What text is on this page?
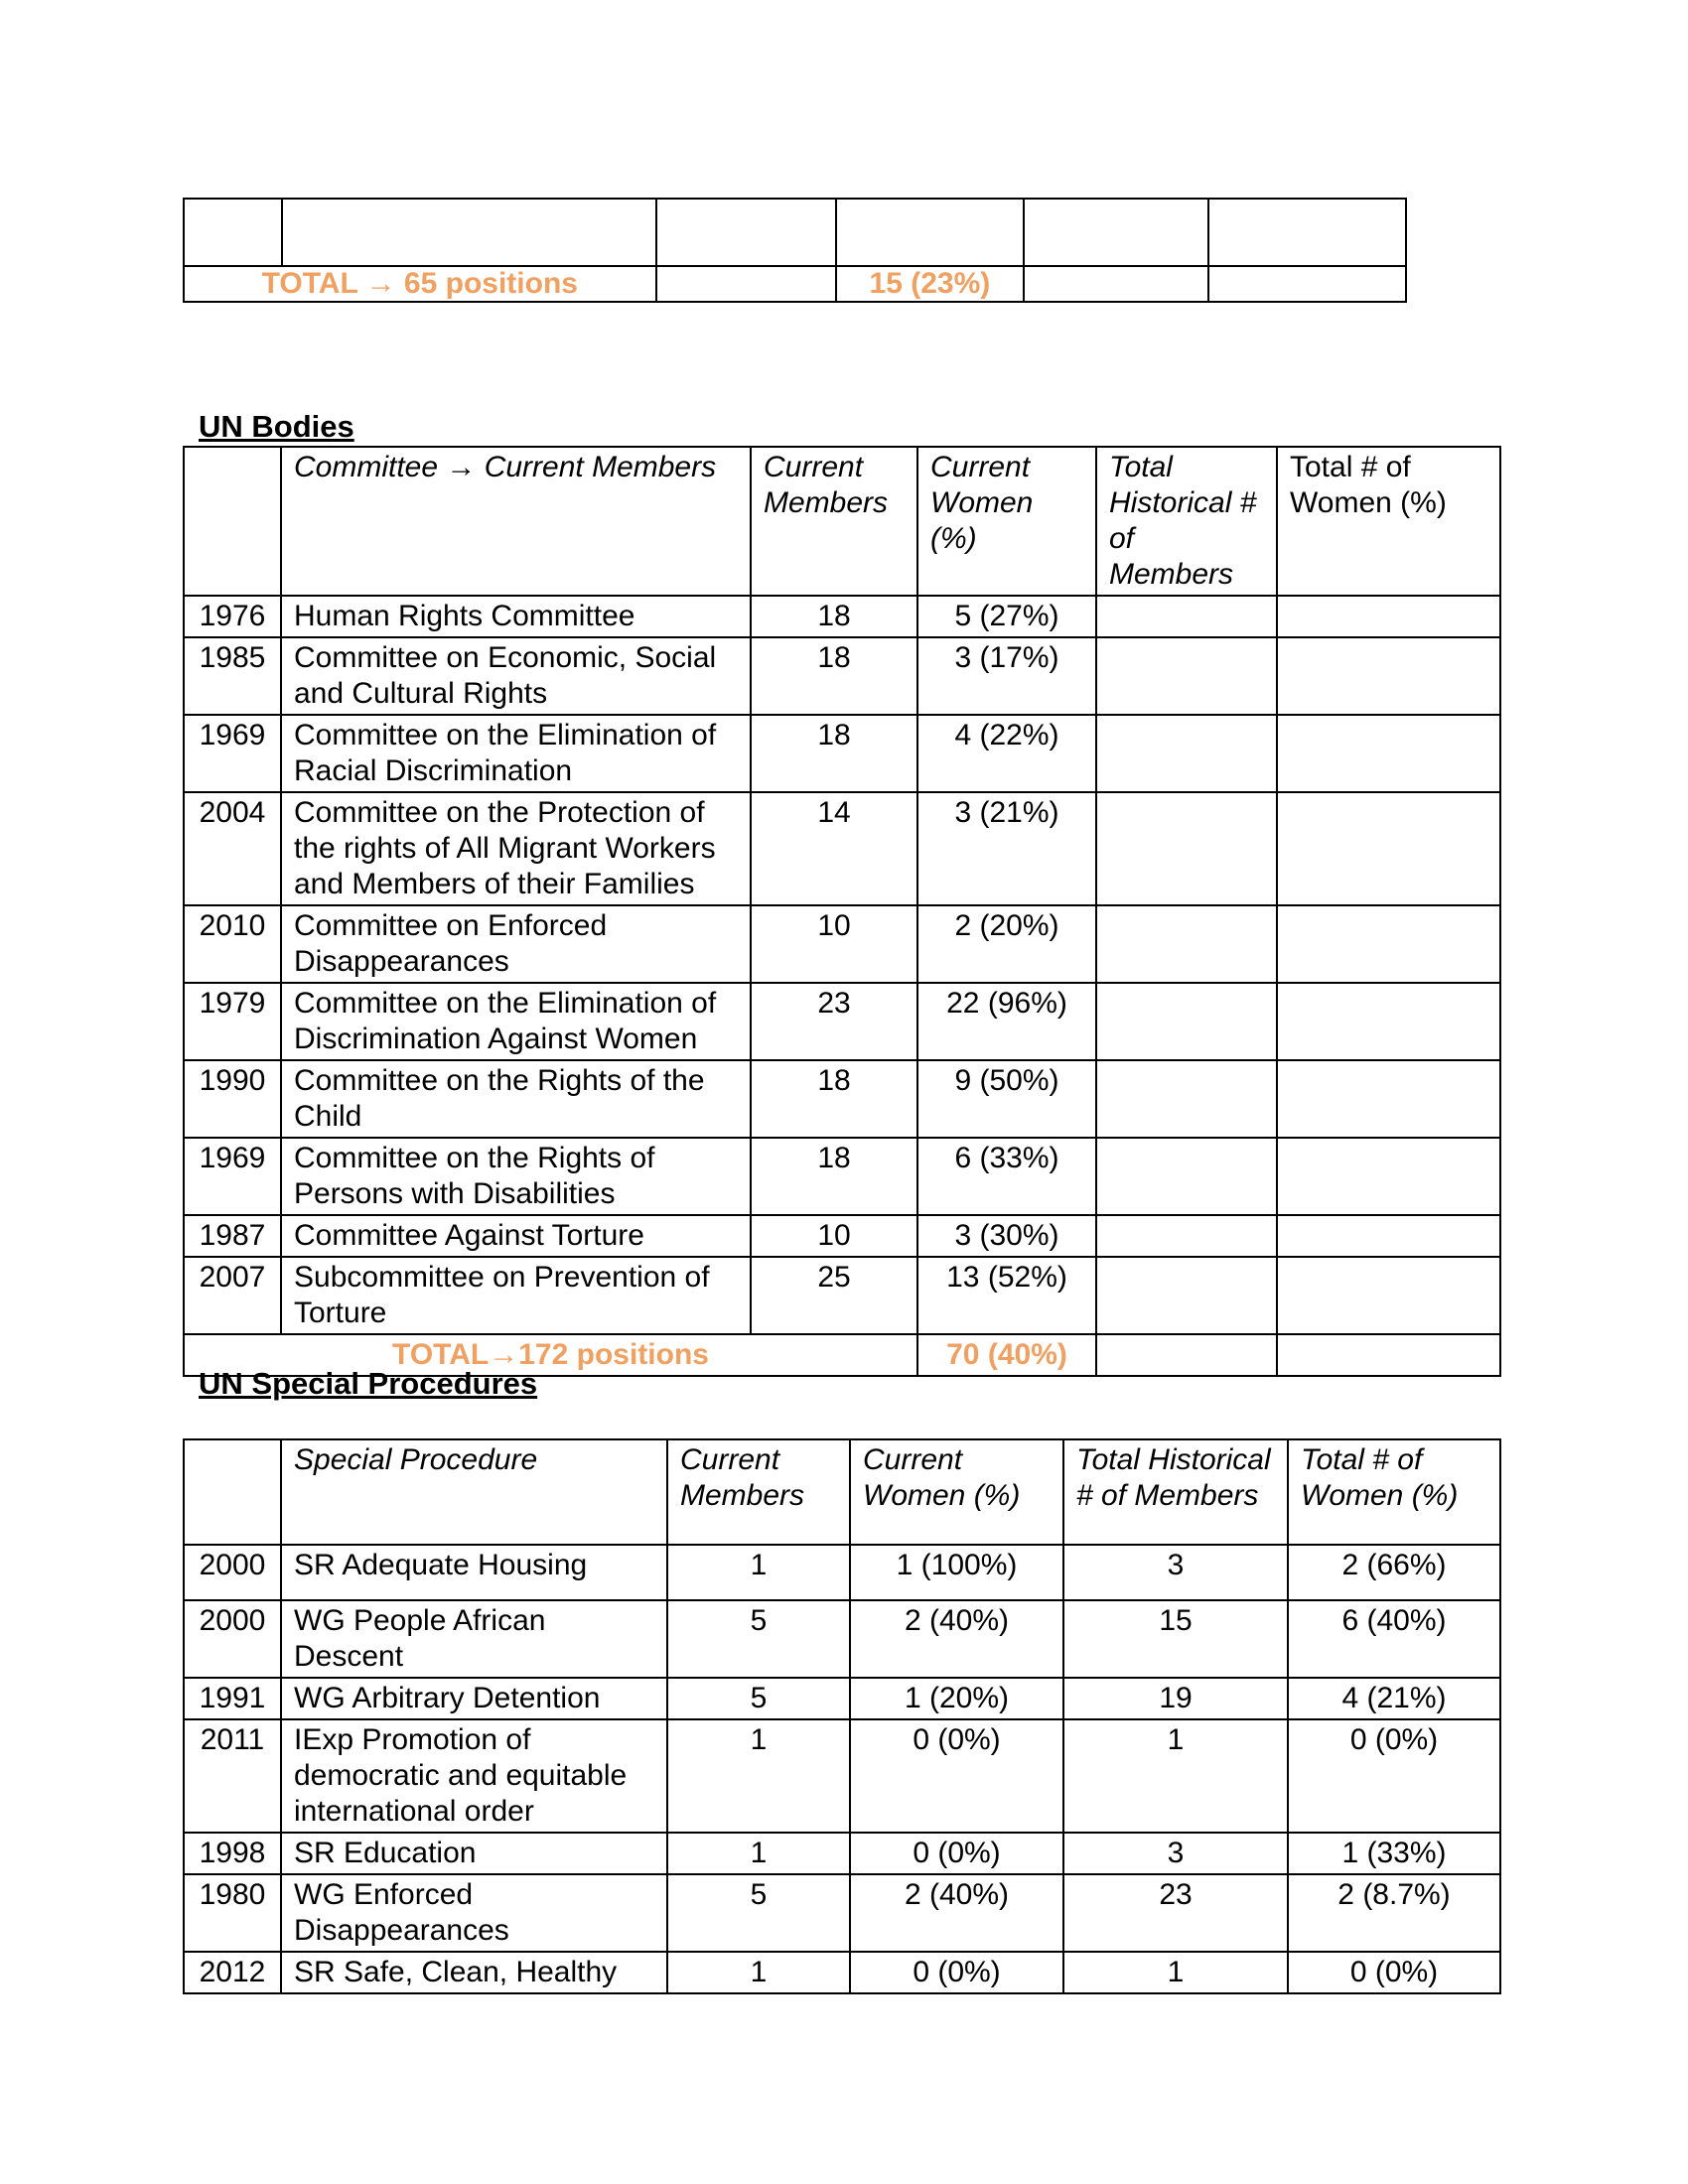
TOTAL → 65 positions			15 (23%)		
UN Bodies
	Committee → Current Members	Current Members	Current Women (%)	Total Historical # of Members	Total # of Women (%)
1976	Human Rights Committee	18	5 (27%)		
1985	Committee on Economic, Social and Cultural Rights	18	3 (17%)		
1969	Committee on the Elimination of Racial Discrimination	18	4 (22%)		
2004	Committee on the Protection of the rights of All Migrant Workers and Members of their Families	14	3 (21%)		
2010	Committee on Enforced Disappearances	10	2 (20%)		
1979	Committee on the Elimination of Discrimination Against Women	23	22 (96%)		
1990	Committee on the Rights of the Child	18	9 (50%)		
1969	Committee on the Rights of Persons with Disabilities	18	6 (33%)		
1987	Committee Against Torture	10	3 (30%)		
2007	Subcommittee on Prevention of Torture	25	13 (52%)		
TOTAL→172 positions			70 (40%)		
UN Special Procedures
	Special Procedure	Current Members	Current Women (%)	Total Historical # of Members	Total # of Women (%)
2000	SR Adequate Housing	1	1 (100%)	3	2 (66%)
2000	WG People African Descent	5	2 (40%)	15	6 (40%)
1991	WG Arbitrary Detention	5	1 (20%)	19	4 (21%)
2011	IExp Promotion of democratic and equitable international order	1	0 (0%)	1	0 (0%)
1998	SR Education	1	0 (0%)	3	1 (33%)
1980	WG Enforced Disappearances	5	2 (40%)	23	2 (8.7%)
2012	SR Safe, Clean, Healthy	1	0 (0%)	1	0 (0%)
